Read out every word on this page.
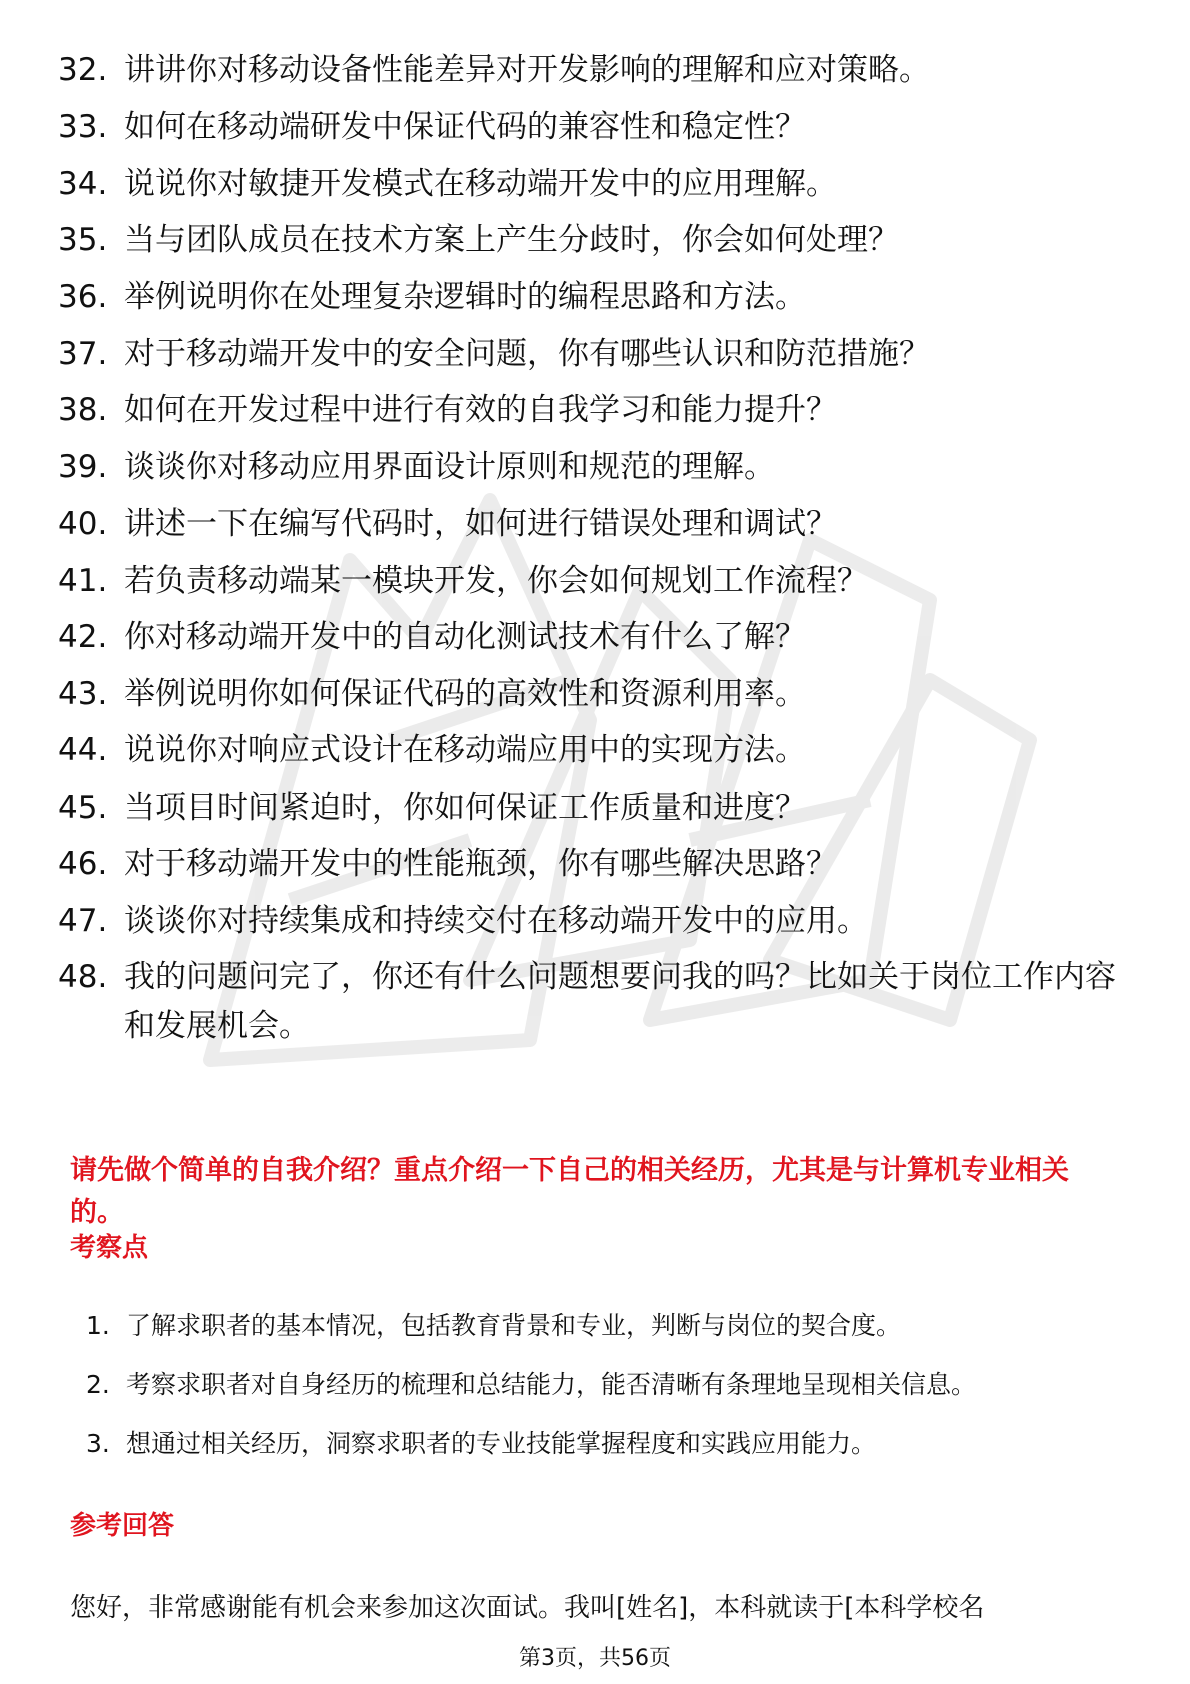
32. 讲讲你对移动设备性能差异对开发影响的理解和应对策略。
33. 如何在移动端研发中保证代码的兼容性和稳定性？
34. 说说你对敏捷开发模式在移动端开发中的应用理解。
35. 当与团队成员在技术方案上产生分歧时，你会如何处理？
36. 举例说明你在处理复杂逻辑时的编程思路和方法。
37. 对于移动端开发中的安全问题，你有哪些认识和防范措施？
38. 如何在开发过程中进行有效的自我学习和能力提升？
39. 谈谈你对移动应用界面设计原则和规范的理解。
40. 讲述一下在编写代码时，如何进行错误处理和调试？
41. 若负责移动端某一模块开发，你会如何规划工作流程？
42. 你对移动端开发中的自动化测试技术有什么了解？
43. 举例说明你如何保证代码的高效性和资源利用率。
44. 说说你对响应式设计在移动端应用中的实现方法。
45. 当项目时间紧迫时，你如何保证工作质量和进度？
46. 对于移动端开发中的性能瓶颈，你有哪些解决思路？
47. 谈谈你对持续集成和持续交付在移动端开发中的应用。
48. 我的问题问完了，你还有什么问题想要问我的吗？比如关于岗位工作内容和发展机会。
请先做个简单的自我介绍？重点介绍一下自己的相关经历，尤其是与计算机专业相关的。
考察点
1. 了解求职者的基本情况，包括教育背景和专业，判断与岗位的契合度。
2. 考察求职者对自身经历的梳理和总结能力，能否清晰有条理地呈现相关信息。
3. 想通过相关经历，洞察求职者的专业技能掌握程度和实践应用能力。
参考回答
您好，非常感谢能有机会来参加这次面试。我叫[姓名]，本科就读于[本科学校名
第3页，共56页
